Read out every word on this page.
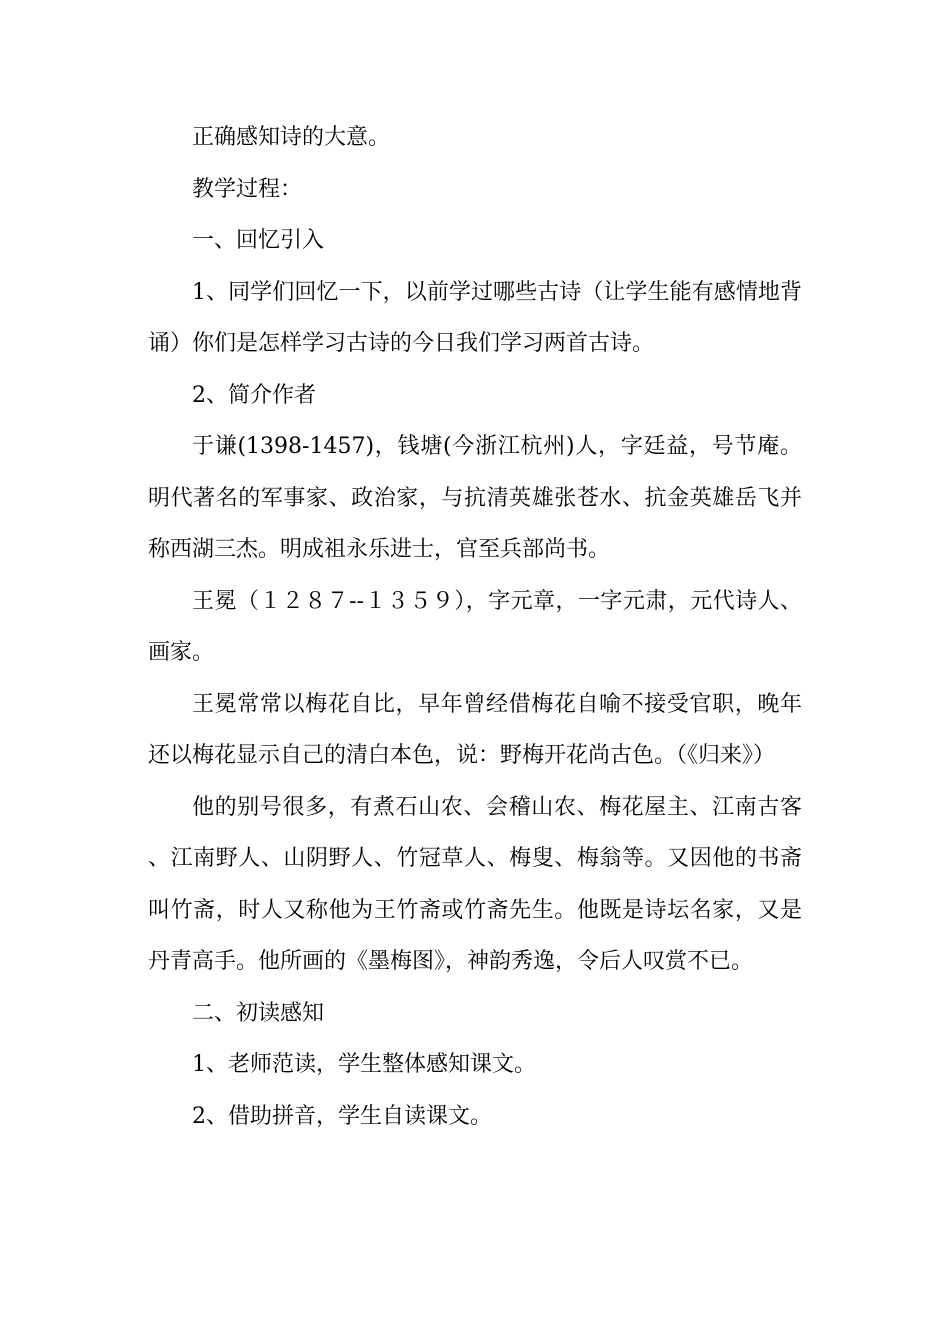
正确感知诗的大意。

教学过程：

一、回忆引入

1、同学们回忆一下，以前学过哪些古诗（让学生能有感情地背诵）你们是怎样学习古诗的今日我们学习两首古诗。

2、简介作者

于谦(1398-1457)，钱塘(今浙江杭州)人，字廷益，号节庵。明代著名的军事家、政治家，与抗清英雄张苍水、抗金英雄岳飞并称西湖三杰。明成祖永乐进士，官至兵部尚书。

王冕（１２８７--１３５９），字元章，一字元肃，元代诗人、画家。

王冕常常以梅花自比，早年曾经借梅花自喻不接受官职，晚年还以梅花显示自己的清白本色，说：野梅开花尚古色。（《归来》）

他的别号很多，有煮石山农、会稽山农、梅花屋主、江南古客、江南野人、山阴野人、竹冠草人、梅叟、梅翁等。又因他的书斋叫竹斋，时人又称他为王竹斋或竹斋先生。他既是诗坛名家，又是丹青高手。他所画的《墨梅图》，神韵秀逸，令后人叹赏不已。

二、初读感知

1、老师范读，学生整体感知课文。

2、借助拼音，学生自读课文。
